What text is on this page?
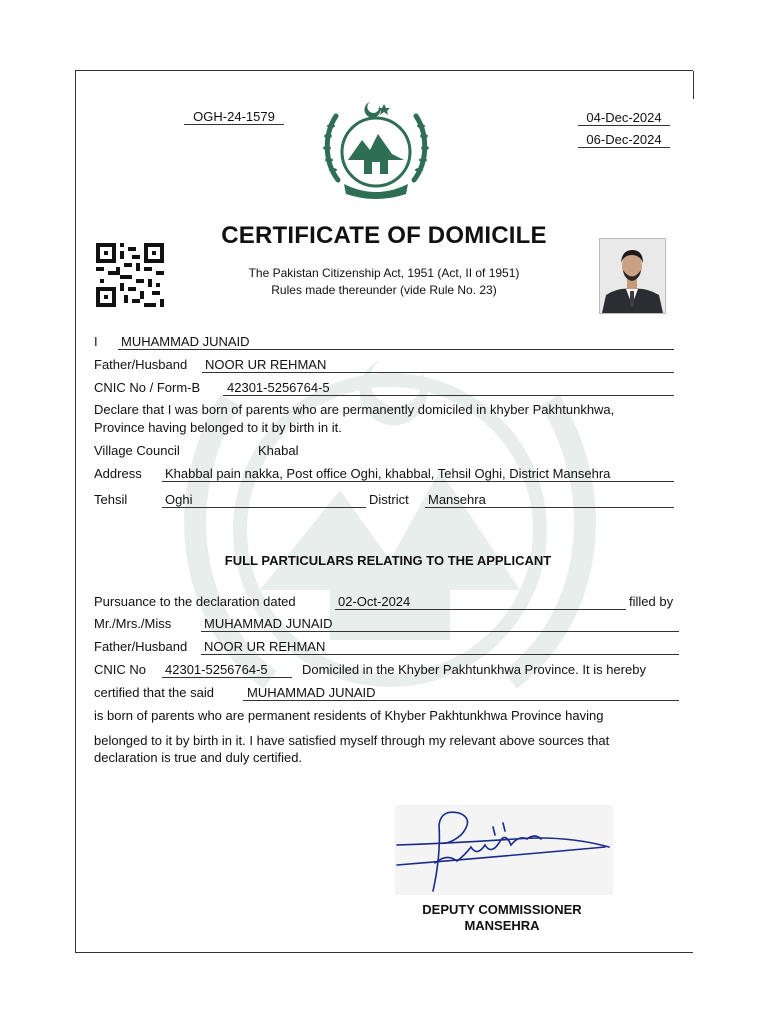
OGH-24-1579	04-Dec-2024
06-Dec-2024
CERTIFICATE OF DOMICILE
The Pakistan Citizenship Act, 1951 (Act, II of 1951)
Rules made thereunder (vide Rule No. 23)
I MUHAMMAD JUNAID
Father/Husband NOOR UR REHMAN
CNIC No / Form-B	42301-5256764-5
Declare that I was born of parents who are permanently domiciled in khyber Pakhtunkhwa,
Province having belonged to it by birth in it.
Village Council	Khabal
Address Khabbal pain nakka, Post office Oghi, khabbal, Tehsil Oghi, District Mansehra
Tehsil	Oghi	District Mansehra
FULL PARTICULARS RELATING TO THE APPLICANT
Pursuance to the declaration dated	02-Oct-2024	filled by
Mr./Mrs./Miss	MUHAMMAD JUNAID
Father/Husband NOOR UR REHMAN
CNIC No 42301-5256764-5	Domiciled in the Khyber Pakhtunkhwa Province. It is hereby
certified that the said	MUHAMMAD JUNAID
is born of parents who are permanent residents of Khyber Pakhtunkhwa Province having
belonged to it by birth in it. I have satisfied myself through my relevant above sources that
declaration is true and duly certified.
DEPUTY COMMISSIONER
MANSEHRA
